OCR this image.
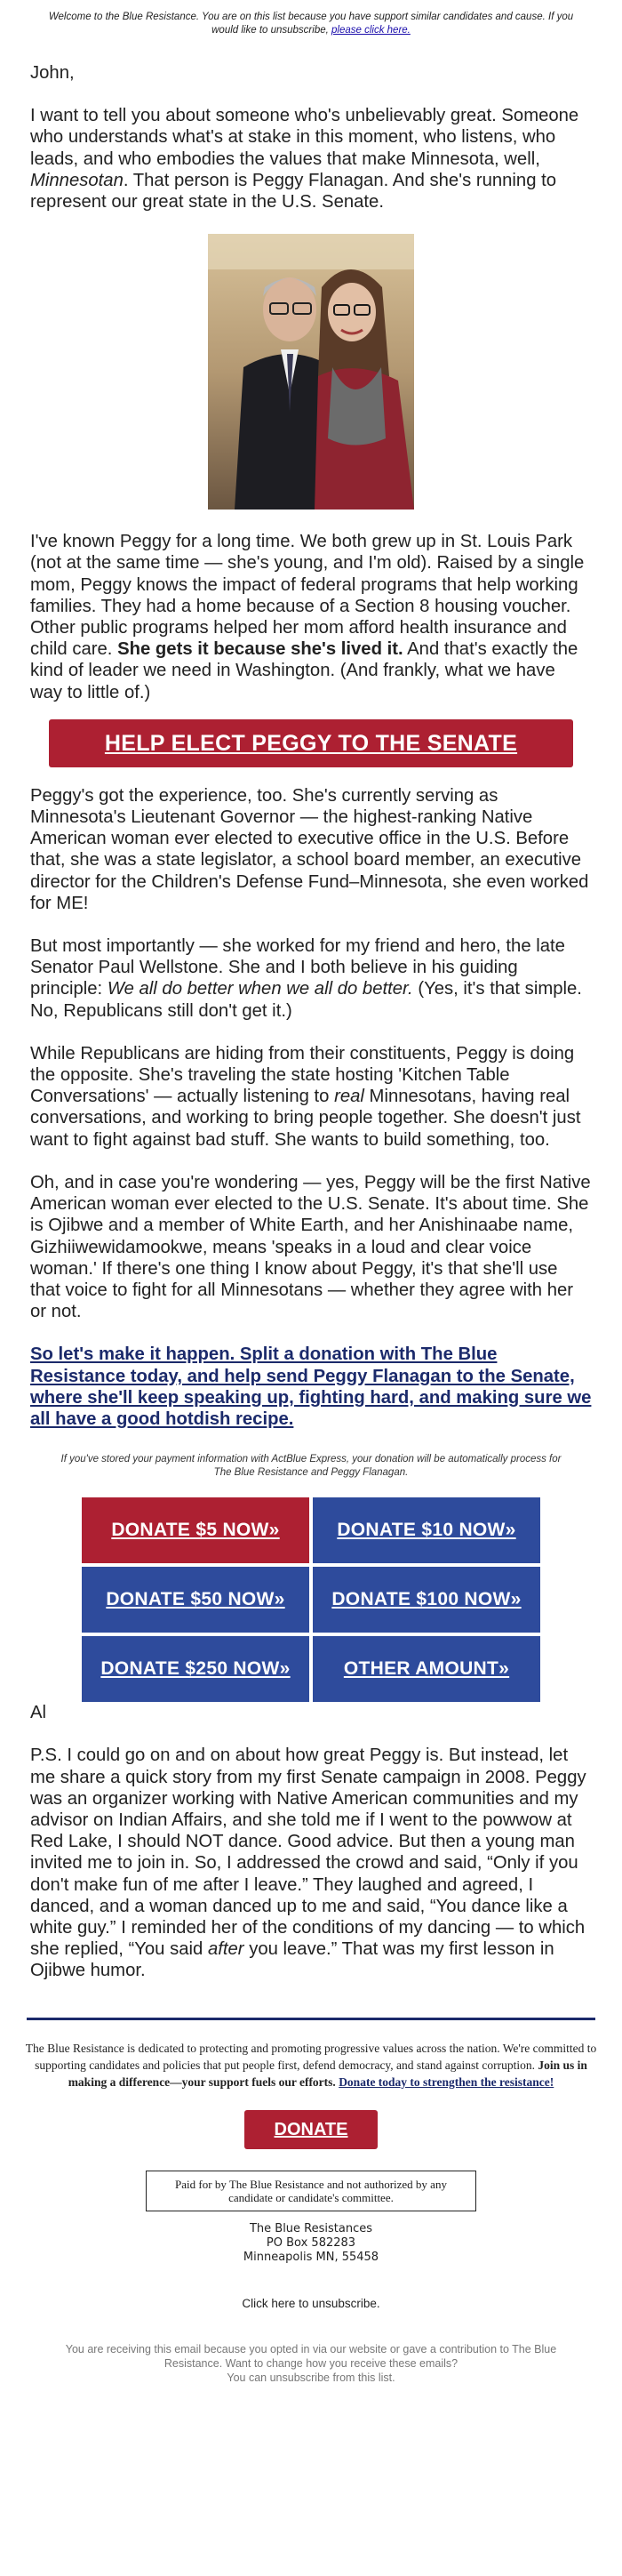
Welcome to the Blue Resistance. You are on this list because you have support similar candidates and cause. If you would like to unsubscribe, please click here.

John,

I want to tell you about someone who's unbelievably great. Someone who understands what's at stake in this moment, who listens, who leads, and who embodies the values that make Minnesota, well, Minnesotan. That person is Peggy Flanagan. And she's running to represent our great state in the U.S. Senate.

I've known Peggy for a long time. We both grew up in St. Louis Park (not at the same time — she's young, and I'm old). Raised by a single mom, Peggy knows the impact of federal programs that help working families. They had a home because of a Section 8 housing voucher. Other public programs helped her mom afford health insurance and child care. She gets it because she's lived it. And that's exactly the kind of leader we need in Washington. (And frankly, what we have way to little of.)

HELP ELECT PEGGY TO THE SENATE

Peggy's got the experience, too. She's currently serving as Minnesota's Lieutenant Governor — the highest-ranking Native American woman ever elected to executive office in the U.S. Before that, she was a state legislator, a school board member, an executive director for the Children's Defense Fund–Minnesota, she even worked for ME!

But most importantly — she worked for my friend and hero, the late Senator Paul Wellstone. She and I both believe in his guiding principle: We all do better when we all do better. (Yes, it's that simple. No, Republicans still don't get it.)

While Republicans are hiding from their constituents, Peggy is doing the opposite. She's traveling the state hosting 'Kitchen Table Conversations' — actually listening to real Minnesotans, having real conversations, and working to bring people together. She doesn't just want to fight against bad stuff. She wants to build something, too.

Oh, and in case you're wondering — yes, Peggy will be the first Native American woman ever elected to the U.S. Senate. It's about time. She is Ojibwe and a member of White Earth, and her Anishinaabe name, Gizhiiwewidamookwe, means 'speaks in a loud and clear voice woman.' If there's one thing I know about Peggy, it's that she'll use that voice to fight for all Minnesotans — whether they agree with her or not.

So let's make it happen. Split a donation with The Blue Resistance today, and help send Peggy Flanagan to the Senate, where she'll keep speaking up, fighting hard, and making sure we all have a good hotdish recipe.

If you've stored your payment information with ActBlue Express, your donation will be automatically process for The Blue Resistance and Peggy Flanagan.

DONATE $5 NOW»	DONATE $10 NOW»
DONATE $50 NOW»	DONATE $100 NOW»
DONATE $250 NOW»	OTHER AMOUNT»

Al

P.S. I could go on and on about how great Peggy is. But instead, let me share a quick story from my first Senate campaign in 2008. Peggy was an organizer working with Native American communities and my advisor on Indian Affairs, and she told me if I went to the powwow at Red Lake, I should NOT dance. Good advice. But then a young man invited me to join in. So, I addressed the crowd and said, “Only if you don't make fun of me after I leave.” They laughed and agreed, I danced, and a woman danced up to me and said, “You dance like a white guy.” I reminded her of the conditions of my dancing — to which she replied, “You said after you leave.” That was my first lesson in Ojibwe humor.

The Blue Resistance is dedicated to protecting and promoting progressive values across the nation. We're committed to supporting candidates and policies that put people first, defend democracy, and stand against corruption. Join us in making a difference—your support fuels our efforts. Donate today to strengthen the resistance!

DONATE
Paid for by The Blue Resistance and not authorized by any candidate or candidate's committee.
The Blue Resistances
PO Box 582283
Minneapolis MN, 55458

Click here to unsubscribe.

You are receiving this email because you opted in via our website or gave a contribution to The Blue Resistance. Want to change how you receive these emails?

You can unsubscribe from this list.
